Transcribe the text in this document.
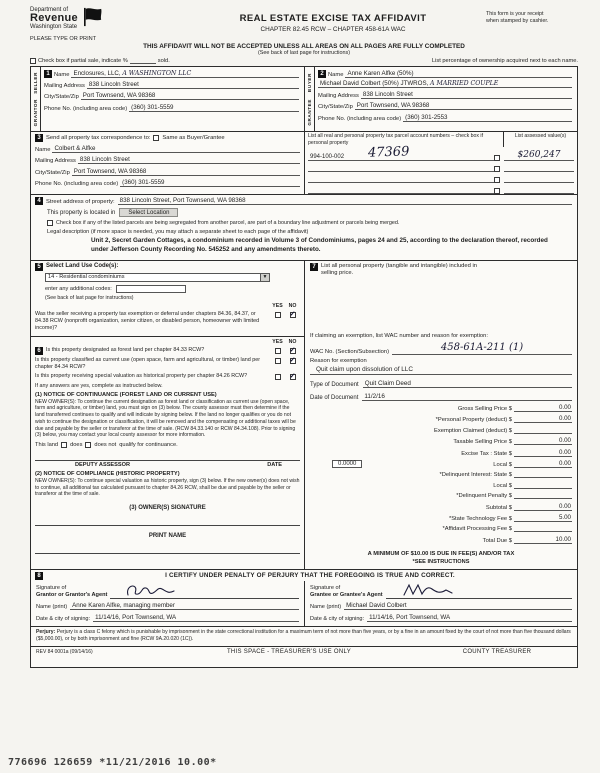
Department of
Revenue
Washington State
PLEASE TYPE OR PRINT
REAL ESTATE EXCISE TAX AFFIDAVIT
CHAPTER 82.45 RCW – CHAPTER 458-61A WAC
This form is your receipt
when stamped by cashier.
THIS AFFIDAVIT WILL NOT BE ACCEPTED UNLESS ALL AREAS ON ALL PAGES ARE FULLY COMPLETED
(See back of last page for instructions)
Check box if partial sale, indicate %	sold.	List percentage of ownership acquired next to each name.
SELLER
GRANTOR
1 Name Enclosures, LLC, A WASHINGTON LLC
Mailing Address 838 Lincoln Street
City/State/Zip Port Townsend, WA 98368
Phone No. (including area code) (360) 301-5559
BUYER
GRANTEE
2 Name Anne Karen Alfke (50%)
Michael David Colbert (50%) JTWROS, A MARRIED COUPLE
Mailing Address 838 Lincoln Street
City/State/Zip Port Townsend, WA 98368
Phone No. (including area code) (360) 301-2553
3 Send all property tax correspondence to: Same as Buyer/Grantee
Name Colbert & Alfke
Mailing Address 838 Lincoln Street
City/State/Zip Port Townsend, WA 98368
Phone No. (including area code) (360) 301-5559
List all real and personal property tax parcel account numbers – check box if personal property
List assessed value(s)
994-100-002 47369	$260,247
4 Street address of property: 838 Lincoln Street, Port Townsend, WA 98368
This property is located in	Select Location
Check box if any of the listed parcels are being segregated from another parcel, are part of a boundary line adjustment or parcels being merged.
Legal description (if more space is needed, you may attach a separate sheet to each page of the affidavit)
Unit 2, Secret Garden Cottages, a condominium recorded in Volume 3 of Condominiums, pages 24 and 25, according to the declaration thereof, recorded under Jefferson County Recording No. 545252 and any amendments thereto.
5 Select Land Use Code(s):
14 - Residential condominiums	▼
enter any additional codes:
(See back of last page for instructions)
YES	NO
Was the seller receiving a property tax exemption or deferral under chapters 84.36, 84.37, or 84.38 RCW (nonprofit organization, senior citizen, or disabled person, homeowner with limited income)?
✓
YES	NO
6 Is this property designated as forest land per chapter 84.33 RCW?	✓
Is this property classified as current use (open space, farm and agricultural, or timber) land per chapter 84.34 RCW?
✓
Is this property receiving special valuation as historical property per chapter 84.26 RCW?	✓
If any answers are yes, complete as instructed below.
(1) NOTICE OF CONTINUANCE (FOREST LAND OR CURRENT USE)
NEW OWNER(S): To continue the current designation as forest land or classification as current use (open space, farm and agriculture, or timber) land, you must sign on (3) below. The county assessor must then determine if the land transferred continues to qualify and will indicate by signing below. If the land no longer qualifies or you do not wish to continue the designation or classification, it will be removed and the compensating or additional taxes will be due and payable by the seller or transferor at the time of sale. (RCW 84.33.140 or RCW 84.34.108). Prior to signing (3) below, you may contact your local county assessor for more information.
This land does does not qualify for continuance.
DEPUTY ASSESSOR	DATE
(2) NOTICE OF COMPLIANCE (HISTORIC PROPERTY)
NEW OWNER(S): To continue special valuation as historic property, sign (3) below. If the new owner(s) does not wish to continue, all additional tax calculated pursuant to chapter 84.26 RCW, shall be due and payable by the seller or transferor at the time of sale.
(3) OWNER(S) SIGNATURE
PRINT NAME
7 List all personal property (tangible and intangible) included in selling price.
If claiming an exemption, list WAC number and reason for exemption:
WAC No. (Section/Subsection)	458-61A-211 (1)
Reason for exemption
Quit claim upon dissolution of LLC
Type of Document Quit Claim Deed
Date of Document 11/2/16
Gross Selling Price $	0.00
*Personal Property (deduct) $	0.00
Exemption Claimed (deduct) $
Taxable Selling Price $	0.00
Excise Tax : State $	0.00
0.0000	Local $	0.00
*Delinquent Interest: State $
Local $
*Delinquent Penalty $
Subtotal $	0.00
*State Technology Fee $	5.00
*Affidavit Processing Fee $
Total Due $	10.00
A MINIMUM OF $10.00 IS DUE IN FEE(S) AND/OR TAX
*SEE INSTRUCTIONS
8	I CERTIFY UNDER PENALTY OF PERJURY THAT THE FOREGOING IS TRUE AND CORRECT.
Signature of
Grantor or Grantor's Agent
Name (print) Anne Karen Alfke, managing member
Date & city of signing: 11/14/16, Port Townsend, WA
Signature of
Grantee or Grantee's Agent
Name (print) Michael David Colbert
Date & city of signing: 11/14/16, Port Townsend, WA
Perjury: Perjury is a class C felony which is punishable by imprisonment in the state correctional institution for a maximum term of not more than five years, or by a fine in an amount fixed by the court of not more than five thousand dollars ($5,000.00), or by both imprisonment and fine (RCW 9A.20.020 (1C)).
REV 84 0001a (09/14/16)	THIS SPACE - TREASURER'S USE ONLY	COUNTY TREASURER
776696 126659 *11/21/2016 10.00*
